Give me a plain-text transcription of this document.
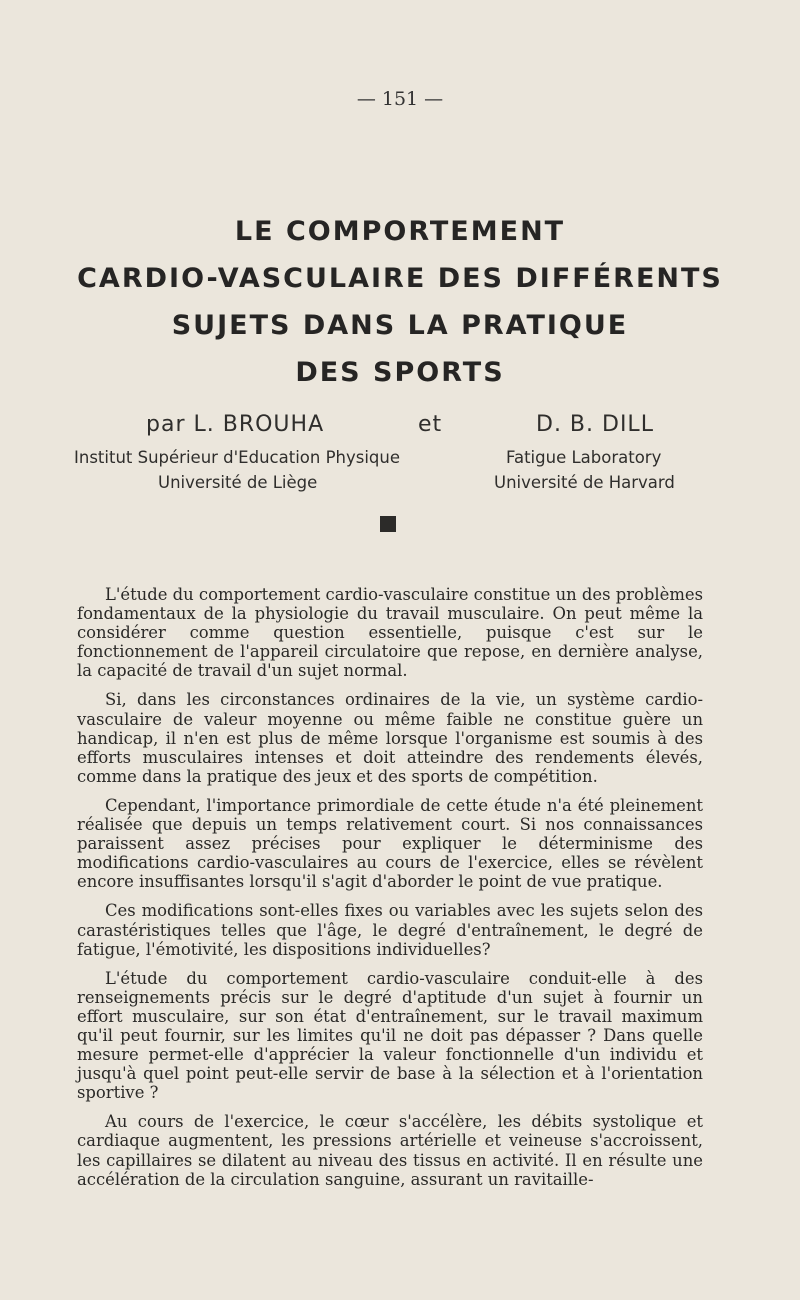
— 151 —
LE COMPORTEMENT
CARDIO-VASCULAIRE DES DIFFÉRENTS
SUJETS DANS LA PRATIQUE
DES SPORTS
par L. BROUHA	et	D. B. DILL
Institut Supérieur d'Education Physique
Université de Liège
Fatigue Laboratory
Université de Harvard

L'étude du comportement cardio-vasculaire constitue un des problèmes fondamentaux de la physiologie du travail musculaire. On peut même la considérer comme question essentielle, puisque c'est sur le fonctionnement de l'appareil circulatoire que repose, en dernière analyse, la capacité de travail d'un sujet normal.

Si, dans les circonstances ordinaires de la vie, un système cardio-vasculaire de valeur moyenne ou même faible ne constitue guère un handicap, il n'en est plus de même lorsque l'organisme est soumis à des efforts musculaires intenses et doit atteindre des rendements élevés, comme dans la pratique des jeux et des sports de compétition.

Cependant, l'importance primordiale de cette étude n'a été pleinement réalisée que depuis un temps relativement court. Si nos connaissances paraissent assez précises pour expliquer le déterminisme des modifications cardio-vasculaires au cours de l'exercice, elles se révèlent encore insuffisantes lorsqu'il s'agit d'aborder le point de vue pratique.

Ces modifications sont-elles fixes ou variables avec les sujets selon des carastéristiques telles que l'âge, le degré d'entraînement, le degré de fatigue, l'émotivité, les dispositions individuelles?

L'étude du comportement cardio-vasculaire conduit-elle à des renseignements précis sur le degré d'aptitude d'un sujet à fournir un effort musculaire, sur son état d'entraînement, sur le travail maximum qu'il peut fournir, sur les limites qu'il ne doit pas dépasser ? Dans quelle mesure permet-elle d'apprécier la valeur fonctionnelle d'un individu et jusqu'à quel point peut-elle servir de base à la sélection et à l'orientation sportive ?

Au cours de l'exercice, le cœur s'accélère, les débits systolique et cardiaque augmentent, les pressions artérielle et veineuse s'accroissent, les capillaires se dilatent au niveau des tissus en activité. Il en résulte une accélération de la circulation sanguine, assurant un ravitaille-
